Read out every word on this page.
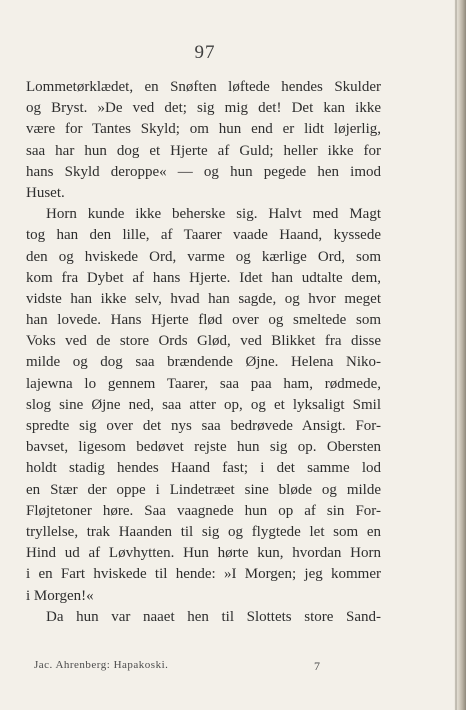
97
Lommetørklædet, en Snøften løftede hendes Skulder
og Bryst. »De ved det; sig mig det! Det kan ikke
være for Tantes Skyld; om hun end er lidt løjerlig,
saa har hun dog et Hjerte af Guld; heller ikke for
hans Skyld deroppe« — og hun pegede hen imod
Huset.
Horn kunde ikke beherske sig. Halvt med Magt
tog han den lille, af Taarer vaade Haand, kyssede
den og hviskede Ord, varme og kærlige Ord, som
kom fra Dybet af hans Hjerte. Idet han udtalte dem,
vidste han ikke selv, hvad han sagde, og hvor meget
han lovede. Hans Hjerte flød over og smeltede som
Voks ved de store Ords Glød, ved Blikket fra disse
milde og dog saa brændende Øjne. Helena Niko-
lajewna lo gennem Taarer, saa paa ham, rødmede,
slog sine Øjne ned, saa atter op, og et lyksaligt Smil
spredte sig over det nys saa bedrøvede Ansigt. For-
bavset, ligesom bedøvet rejste hun sig op. Obersten
holdt stadig hendes Haand fast; i det samme lod
en Stær der oppe i Lindetræet sine bløde og milde
Fløjtetoner høre. Saa vaagnede hun op af sin For-
tryllelse, trak Haanden til sig og flygtede let som en
Hind ud af Løvhytten. Hun hørte kun, hvordan Horn
i en Fart hviskede til hende: »I Morgen; jeg kommer
i Morgen!«
Da hun var naaet hen til Slottets store Sand-
Jac. Ahrenberg: Hapakoski.	7
